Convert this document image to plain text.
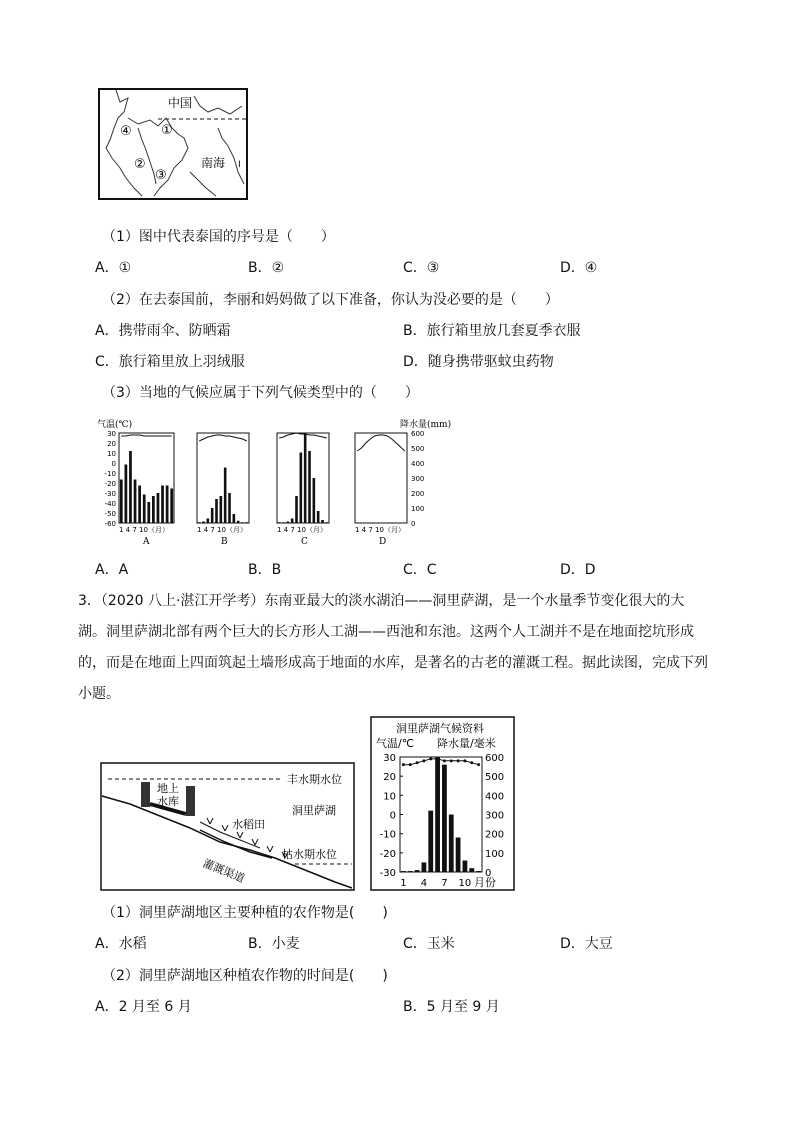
中国
南海 I
①
②
③
④
（1）图中代表泰国的序号是（　　）
A．①	B．②	C．③	D．④
（2）在去泰国前，李丽和妈妈做了以下准备，你认为没必要的是（　　）
A．携带雨伞、防晒霜	B．旅行箱里放几套夏季衣服
C．旅行箱里放上羽绒服	D．随身携带驱蚊虫药物
（3）当地的气候应属于下列气候类型中的（　　）
气温(℃)	降水量(mm)
30
20
10
0
-10
-20
-30
-40
-50
-60
600
500
400
300
200
100
0
1 4 7 10（月）	1 4 7 10（月）	1 4 7 10（月）	1 4 7 10（月）
A	B	C	D
A．A	B．B	C．C	D．D
3．（2020 八上·湛江开学考）东南亚最大的淡水湖泊——洞里萨湖，是一个水量季节变化很大的大湖。洞里萨湖北部有两个巨大的长方形人工湖——西池和东池。这两个人工湖并不是在地面挖坑形成的，而是在地面上四面筑起土墙形成高于地面的水库，是著名的古老的灌溉工程。据此读图，完成下列小题。
丰水期水位
地上
水库
水稻田
洞里萨湖
灌溉渠道
枯水期水位
洞里萨湖气候资料
气温/℃ 降水量/毫米
30
20
10
0
-10
-20
-30
600
500
400
300
200
100
0
1 4 7 10 月份
（1）洞里萨湖地区主要种植的农作物是(　　)
A．水稻	B．小麦	C．玉米	D．大豆
（2）洞里萨湖地区种植农作物的时间是(　　)
A．2 月至 6 月	B．5 月至 9 月
